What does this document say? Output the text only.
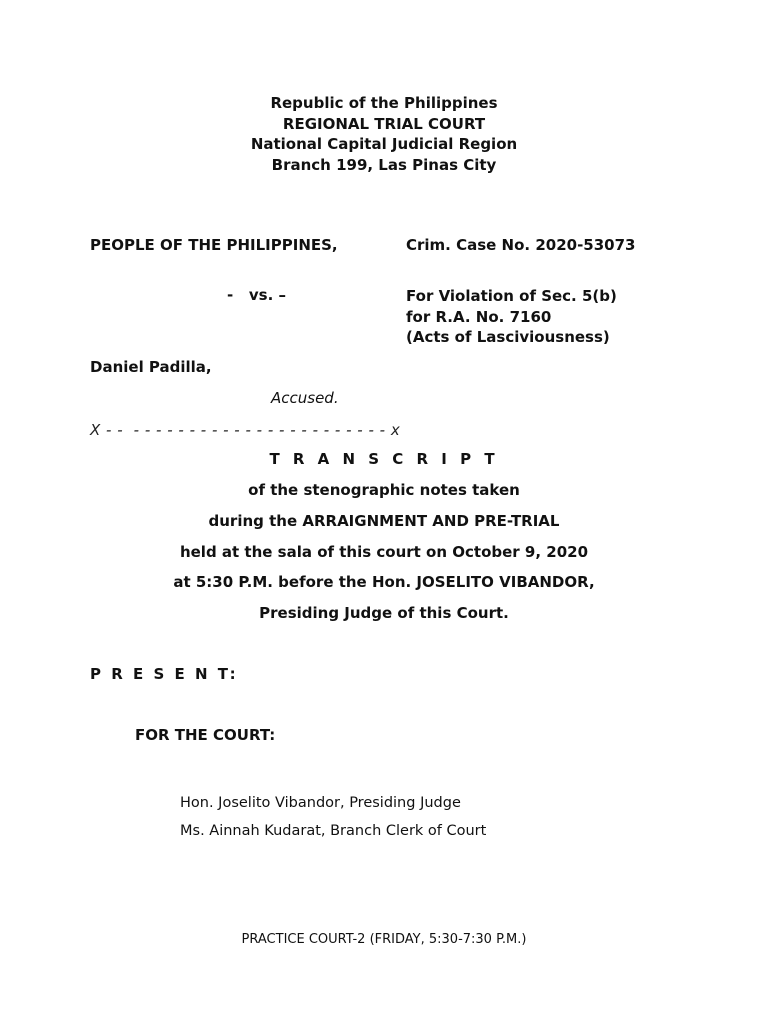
Republic of the Philippines
REGIONAL TRIAL COURT
National Capital Judicial Region
Branch 199, Las Pinas City
PEOPLE OF THE PHILIPPINES,	Crim. Case No. 2020-53073
-   vs. –	For Violation of Sec. 5(b)
for R.A. No. 7160
(Acts of Lasciviousness)
Daniel Padilla,
Accused.
X - -  - - - - - - - - - - - - - - - - - - - - - - - x
T R A N S C R I P T
of the stenographic notes taken
during the ARRAIGNMENT AND PRE-TRIAL
held at the sala of this court on October 9, 2020
at 5:30 P.M. before the Hon. JOSELITO VIBANDOR,
Presiding Judge of this Court.
P R E S E N T:
FOR THE COURT:
Hon. Joselito Vibandor, Presiding Judge
Ms. Ainnah Kudarat, Branch Clerk of Court
PRACTICE COURT-2 (FRIDAY, 5:30-7:30 P.M.)
